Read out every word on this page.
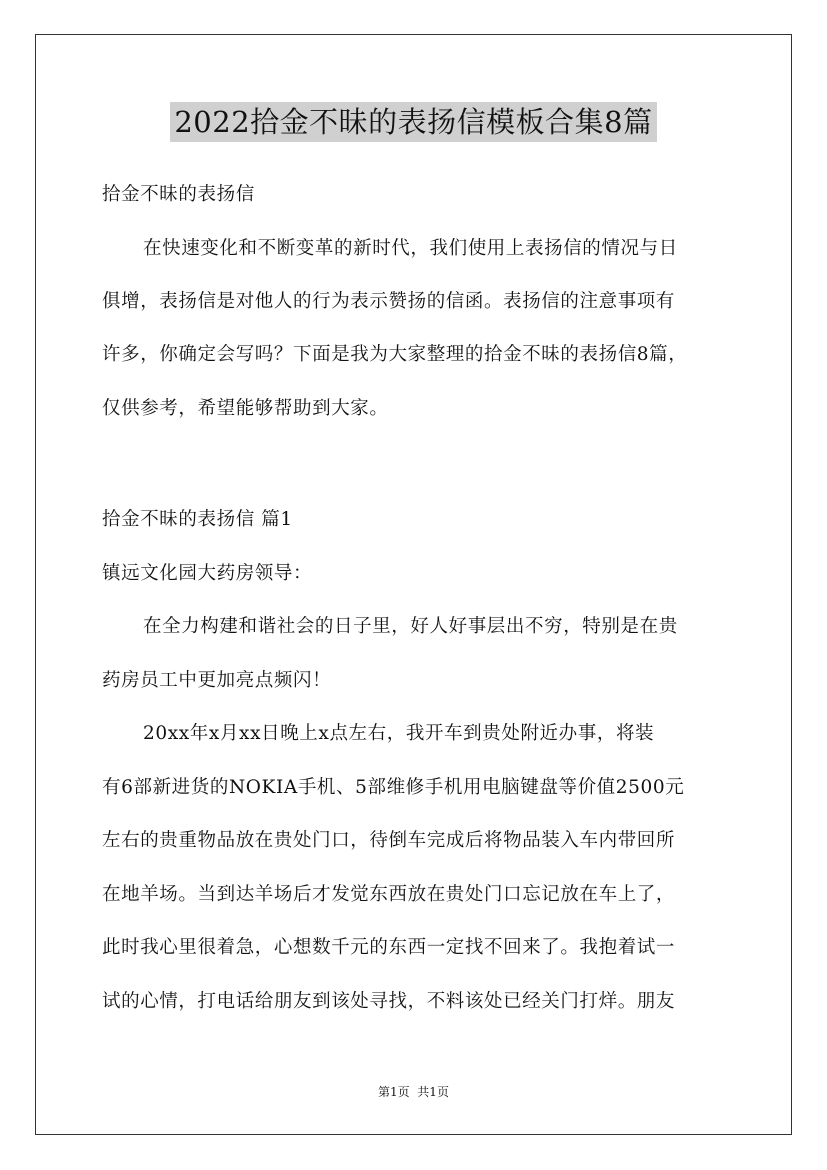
2022拾金不昧的表扬信模板合集8篇
拾金不昧的表扬信
在快速变化和不断变革的新时代，我们使用上表扬信的情况与日
俱增，表扬信是对他人的行为表示赞扬的信函。表扬信的注意事项有
许多，你确定会写吗？下面是我为大家整理的拾金不昧的表扬信8篇，
仅供参考，希望能够帮助到大家。
拾金不昧的表扬信 篇1
镇远文化园大药房领导：
在全力构建和谐社会的日子里，好人好事层出不穷，特别是在贵
药房员工中更加亮点频闪！
20xx年x月xx日晚上x点左右，我开车到贵处附近办事，将装
有6部新进货的NOKIA手机、5部维修手机用电脑键盘等价值2500元
左右的贵重物品放在贵处门口，待倒车完成后将物品装入车内带回所
在地羊场。当到达羊场后才发觉东西放在贵处门口忘记放在车上了，
此时我心里很着急，心想数千元的东西一定找不回来了。我抱着试一
试的心情，打电话给朋友到该处寻找，不料该处已经关门打烊。朋友
第1页  共1页
